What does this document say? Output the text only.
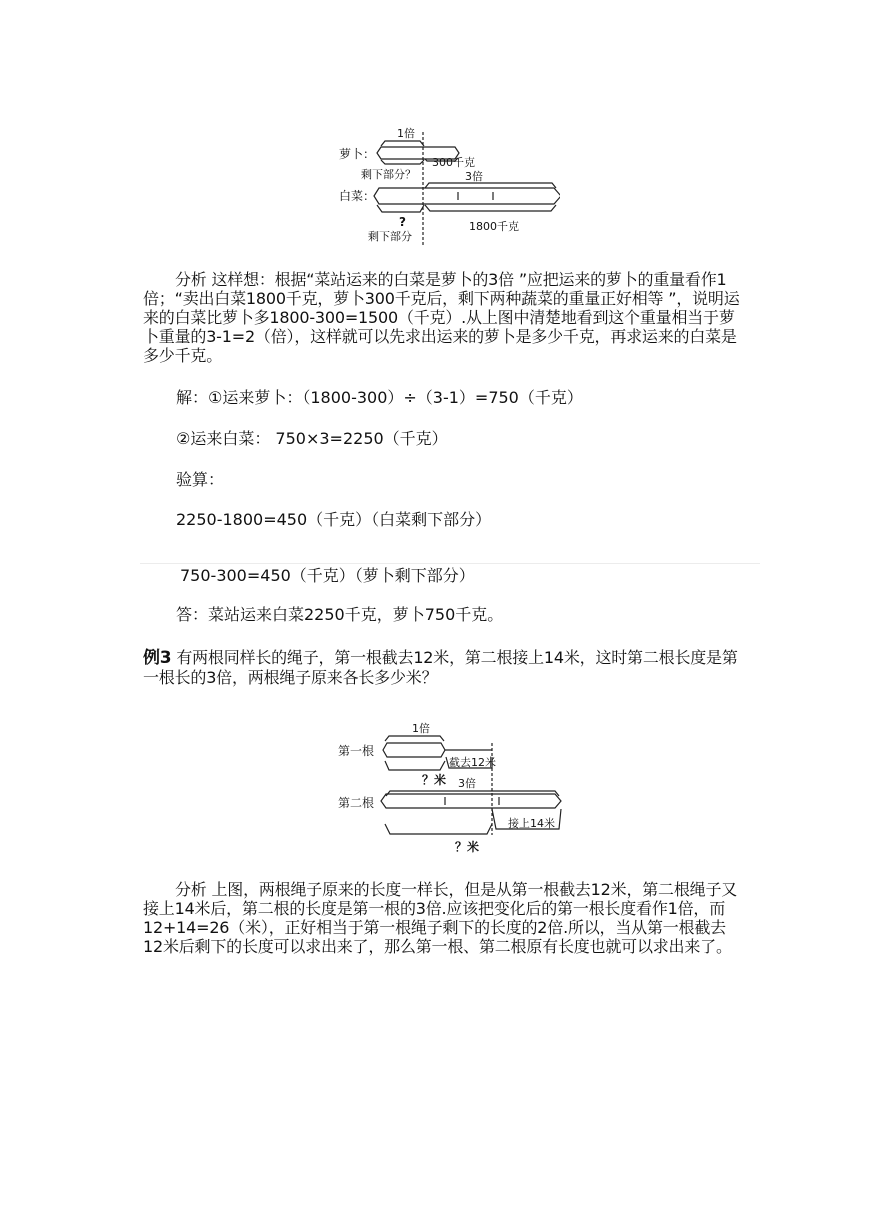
1倍
萝卜：
300千克
剩下部分？	3倍
白菜：
?
剩下部分
1800千克

分析 这样想：根据“菜站运来的白菜是萝卜的3倍 ”应把运来的萝卜的重量看作1倍；“卖出白菜1800千克，萝卜300千克后，剩下两种蔬菜的重量正好相等 ”，说明运来的白菜比萝卜多1800-300=1500（千克）.从上图中清楚地看到这个重量相当于萝卜重量的3-1=2（倍），这样就可以先求出运来的萝卜是多少千克，再求运来的白菜是多少千克。

解：①运来萝卜：（1800-300）÷（3-1）=750（千克）

②运来白菜： 750×3=2250（千克）

验算：

2250-1800=450（千克）（白菜剩下部分）

750-300=450（千克）（萝卜剩下部分）

答：菜站运来白菜2250千克，萝卜750千克。

例3 有两根同样长的绳子，第一根截去12米，第二根接上14米，这时第二根长度是第一根长的3倍，两根绳子原来各长多少米？

1倍
第一根
截去12米
？米 3倍
第二根
接上14米
？米

分析 上图，两根绳子原来的长度一样长，但是从第一根截去12米，第二根绳子又接上14米后，第二根的长度是第一根的3倍.应该把变化后的第一根长度看作1倍，而12+14=26（米），正好相当于第一根绳子剩下的长度的2倍.所以，当从第一根截去12米后剩下的长度可以求出来了，那么第一根、第二根原有长度也就可以求出来了。
